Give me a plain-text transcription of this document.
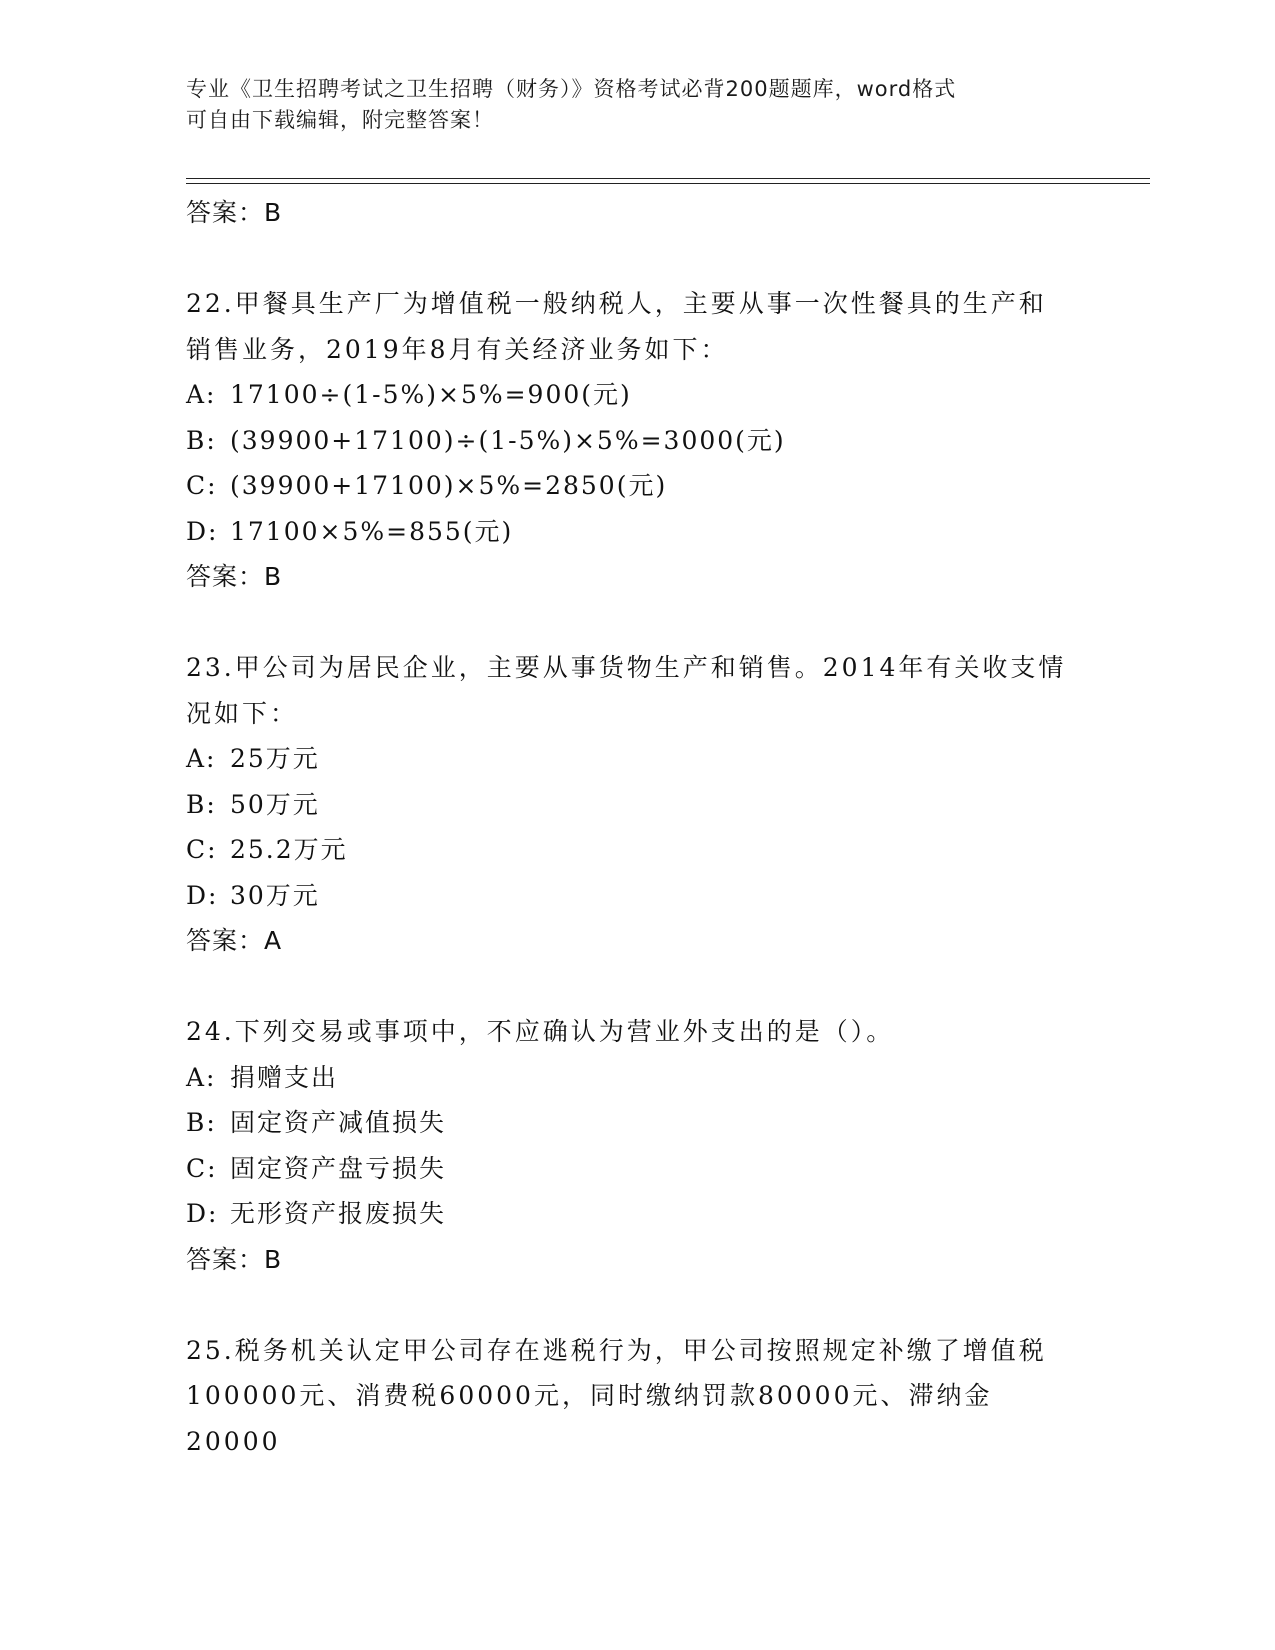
专业《卫生招聘考试之卫生招聘（财务）》资格考试必背200题题库，word格式
可自由下载编辑，附完整答案！

答案：B

22.甲餐具生产厂为增值税一般纳税人，主要从事一次性餐具的生产和

销售业务，2019年8月有关经济业务如下：

A: 17100÷(1-5%)×5%=900(元)

B: (39900+17100)÷(1-5%)×5%=3000(元)

C: (39900+17100)×5%=2850(元)

D: 17100×5%=855(元)

答案：B

23.甲公司为居民企业，主要从事货物生产和销售。2014年有关收支情

况如下：

A: 25万元

B: 50万元

C: 25.2万元

D: 30万元

答案：A

24.下列交易或事项中，不应确认为营业外支出的是（）。

A: 捐赠支出

B: 固定资产减值损失

C: 固定资产盘亏损失

D: 无形资产报废损失

答案：B

25.税务机关认定甲公司存在逃税行为，甲公司按照规定补缴了增值税

100000元、消费税60000元，同时缴纳罚款80000元、滞纳金20000
